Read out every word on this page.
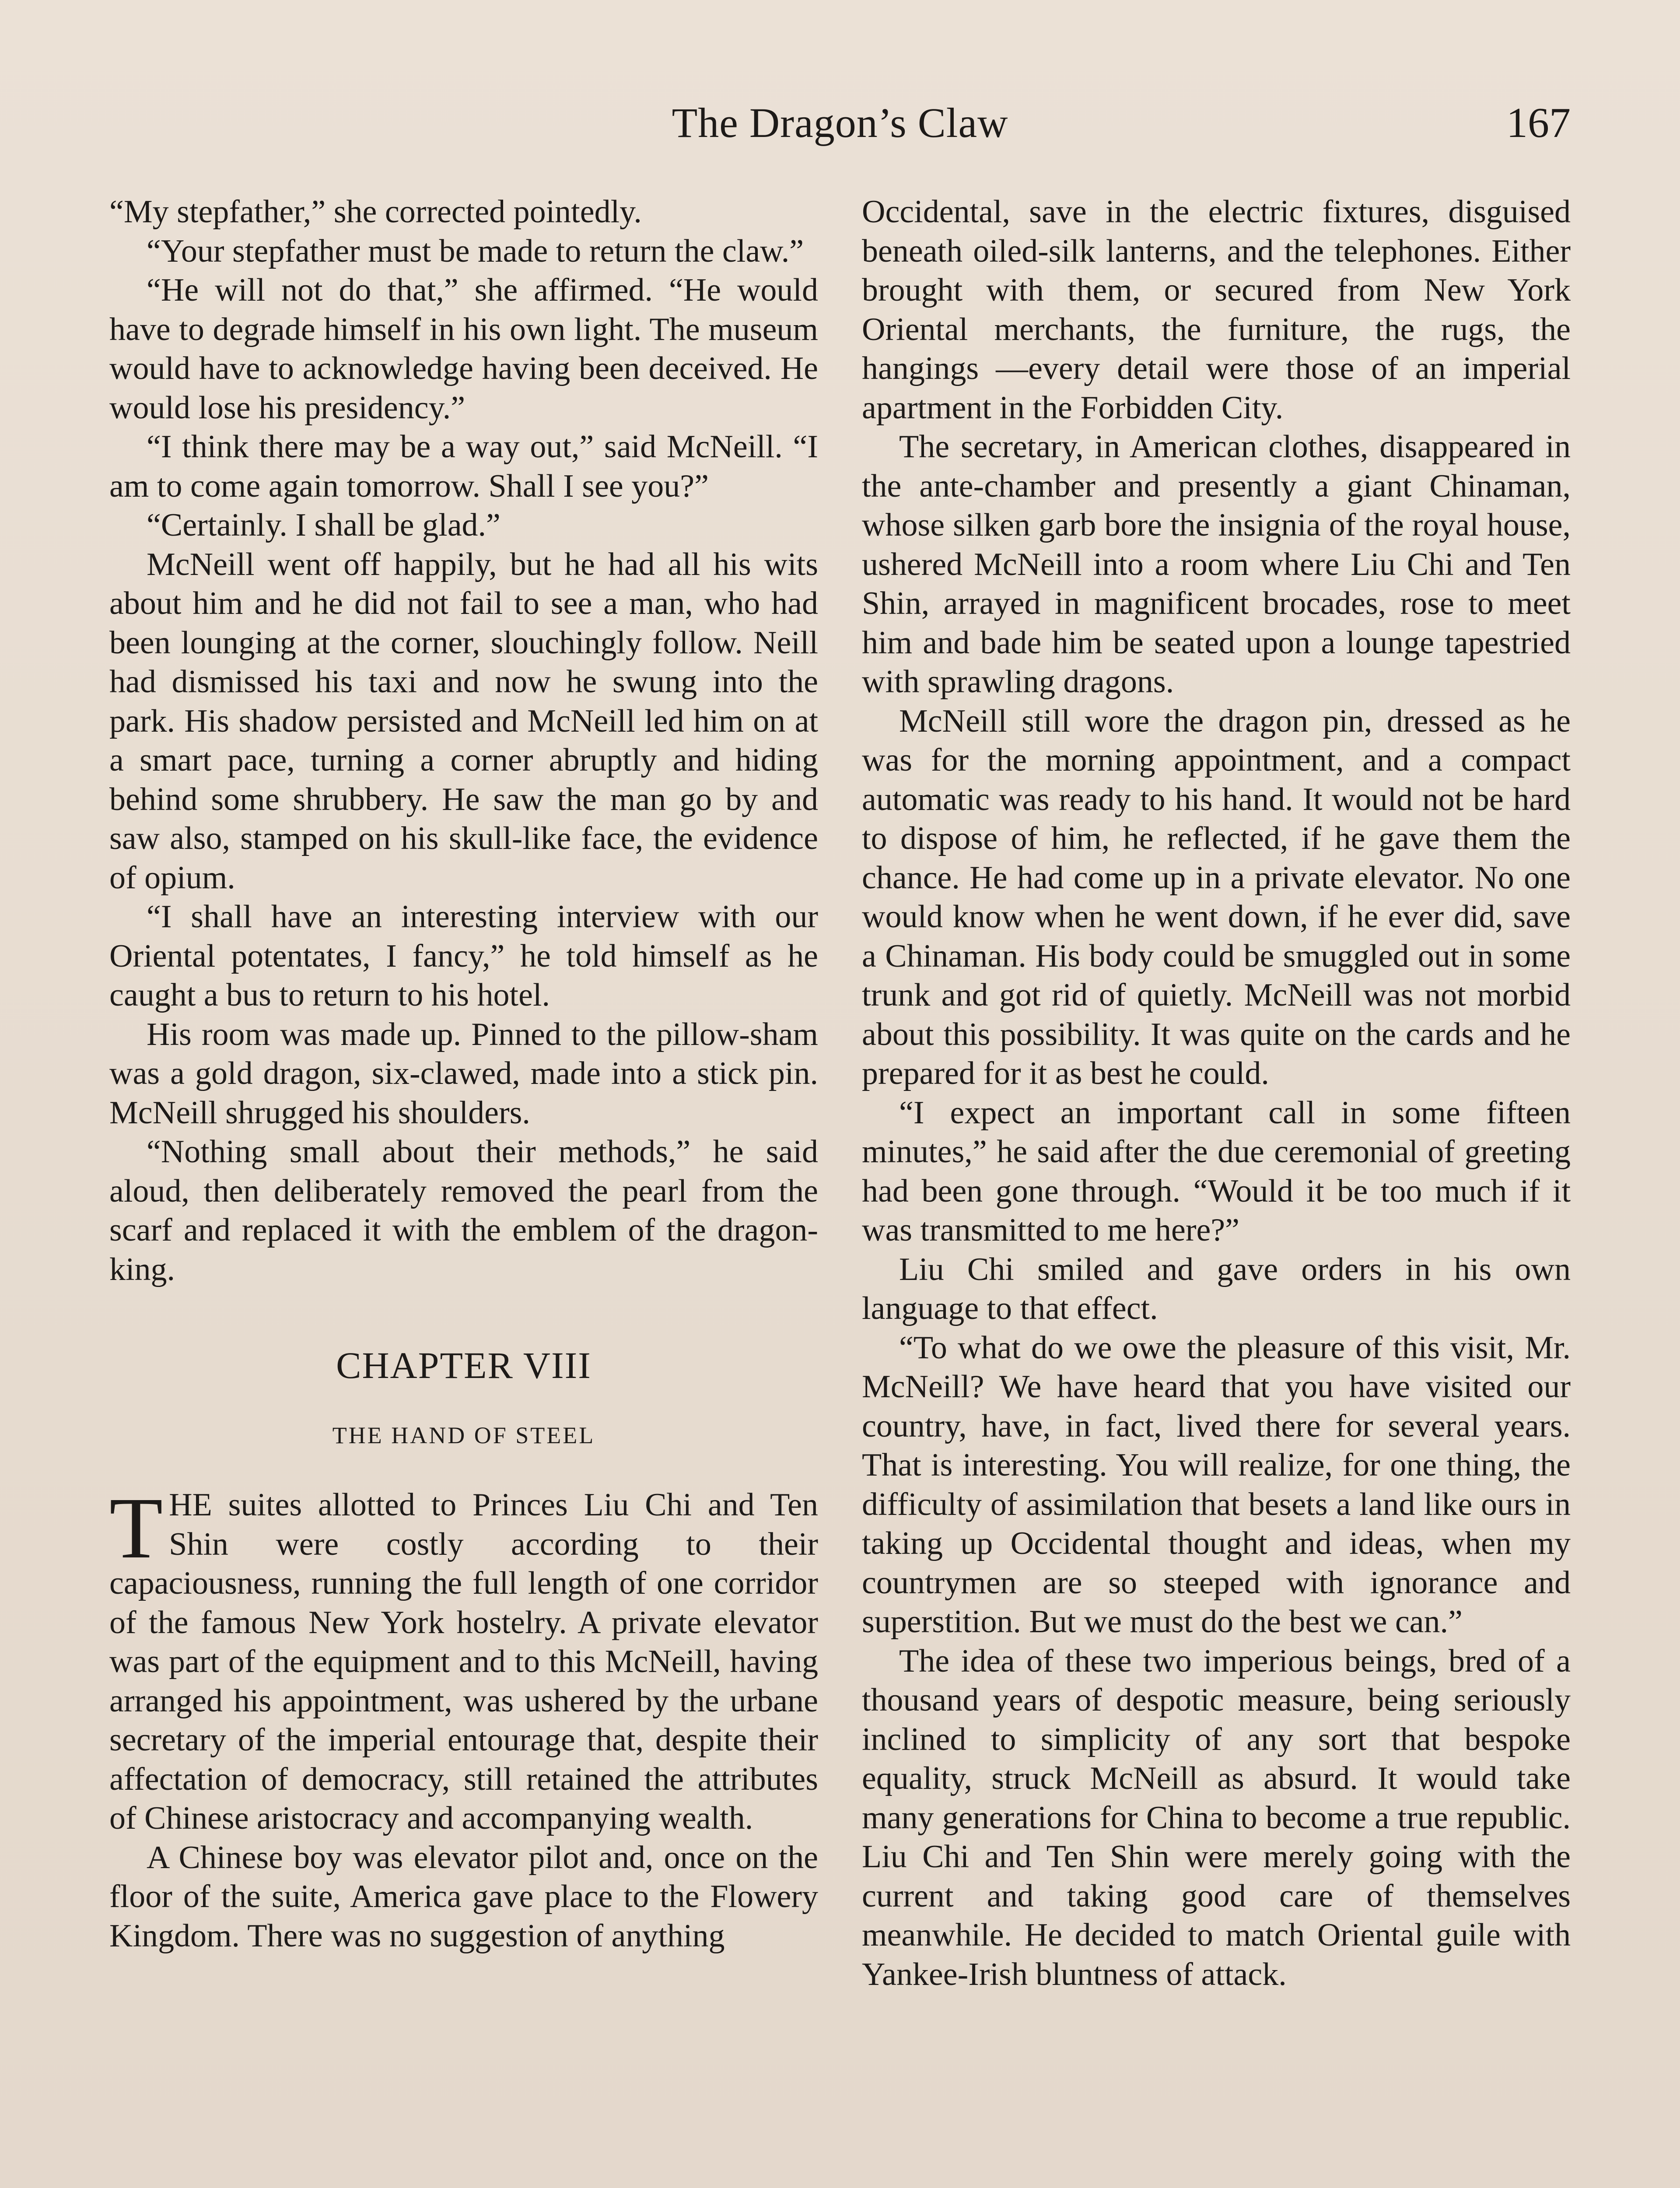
The Dragon’s Claw	167

“My stepfather,” she corrected pointedly.

“Your stepfather must be made to return the claw.”

“He will not do that,” she affirmed. “He would have to degrade himself in his own light. The museum would have to acknowledge having been deceived. He would lose his presidency.”

“I think there may be a way out,” said McNeill. “I am to come again tomorrow. Shall I see you?”

“Certainly. I shall be glad.”

McNeill went off happily, but he had all his wits about him and he did not fail to see a man, who had been lounging at the corner, slouchingly follow. Neill had dismissed his taxi and now he swung into the park. His shadow persisted and McNeill led him on at a smart pace, turning a corner abruptly and hiding behind some shrubbery. He saw the man go by and saw also, stamped on his skull-like face, the evidence of opium.

“I shall have an interesting interview with our Oriental potentates, I fancy,” he told himself as he caught a bus to return to his hotel.

His room was made up. Pinned to the pillow-sham was a gold dragon, six-clawed, made into a stick pin. McNeill shrugged his shoulders.

“Nothing small about their methods,” he said aloud, then deliberately removed the pearl from the scarf and replaced it with the emblem of the dragon-king.

CHAPTER VIII
THE HAND OF STEEL

THE suites allotted to Princes Liu Chi and Ten Shin were costly according to their capaciousness, running the full length of one corridor of the famous New York hostelry. A private elevator was part of the equipment and to this McNeill, having arranged his appointment, was ushered by the urbane secretary of the imperial entourage that, despite their affectation of democracy, still retained the attributes of Chinese aristocracy and accompanying wealth.

A Chinese boy was elevator pilot and, once on the floor of the suite, America gave place to the Flowery Kingdom. There was no suggestion of anything

Occidental, save in the electric fixtures, disguised beneath oiled-silk lanterns, and the telephones. Either brought with them, or secured from New York Oriental merchants, the furniture, the rugs, the hangings —every detail were those of an imperial apartment in the Forbidden City.

The secretary, in American clothes, disappeared in the ante-chamber and presently a giant Chinaman, whose silken garb bore the insignia of the royal house, ushered McNeill into a room where Liu Chi and Ten Shin, arrayed in magnificent brocades, rose to meet him and bade him be seated upon a lounge tapestried with sprawling dragons.

McNeill still wore the dragon pin, dressed as he was for the morning appointment, and a compact automatic was ready to his hand. It would not be hard to dispose of him, he reflected, if he gave them the chance. He had come up in a private elevator. No one would know when he went down, if he ever did, save a Chinaman. His body could be smuggled out in some trunk and got rid of quietly. McNeill was not morbid about this possibility. It was quite on the cards and he prepared for it as best he could.

“I expect an important call in some fifteen minutes,” he said after the due ceremonial of greeting had been gone through. “Would it be too much if it was transmitted to me here?”

Liu Chi smiled and gave orders in his own language to that effect.

“To what do we owe the pleasure of this visit, Mr. McNeill? We have heard that you have visited our country, have, in fact, lived there for several years. That is interesting. You will realize, for one thing, the difficulty of assimilation that besets a land like ours in taking up Occidental thought and ideas, when my countrymen are so steeped with ignorance and superstition. But we must do the best we can.”

The idea of these two imperious beings, bred of a thousand years of despotic measure, being seriously inclined to simplicity of any sort that bespoke equality, struck McNeill as absurd. It would take many generations for China to become a true republic. Liu Chi and Ten Shin were merely going with the current and taking good care of themselves meanwhile. He decided to match Oriental guile with Yankee-Irish bluntness of attack.
